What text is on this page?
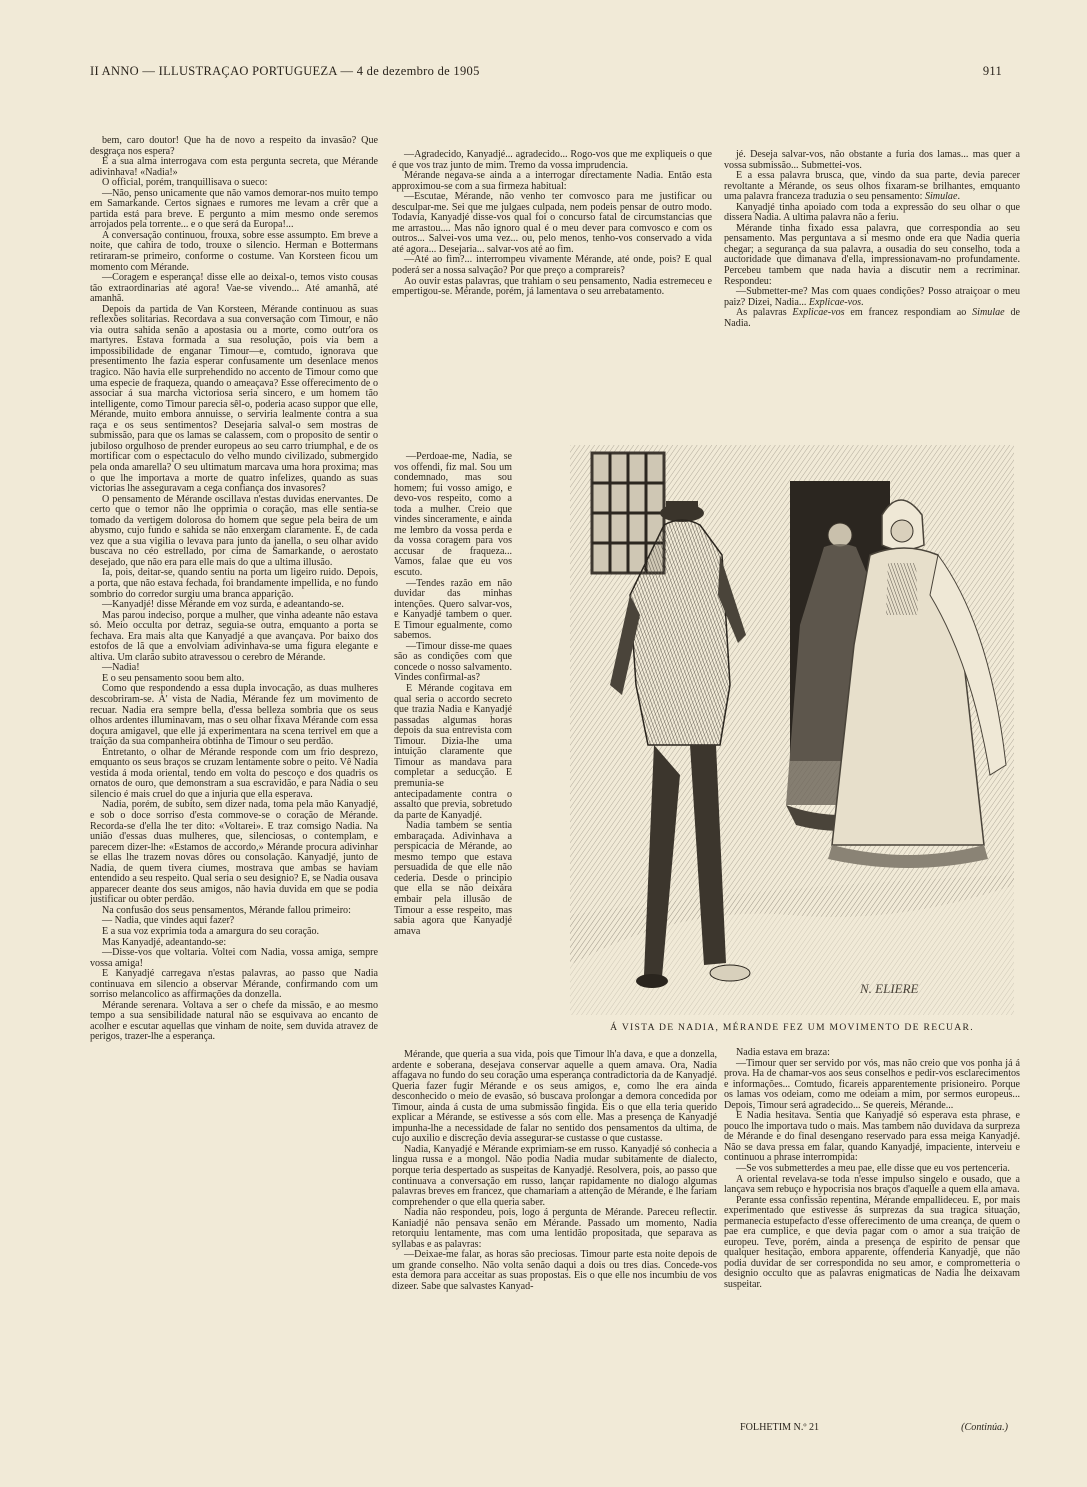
II ANNO — ILLUSTRAÇAO PORTUGUEZA — 4 de dezembro de 1905	911

bem, caro doutor! Que ha de novo a respeito da invasão? Que desgraça nos espera?

E a sua alma interrogava com esta pergunta secreta, que Mérande adivinhava! «Nadia!»

O official, porém, tranquillisava o sueco:

—Não, penso unicamente que não vamos demorar-nos muito tempo em Samarkande. Certos signaes e rumores me levam a crêr que a partida está para breve. E pergunto a mim mesmo onde seremos arrojados pela torrente... e o que será da Europa!...

A conversação continuou, frouxa, sobre esse assumpto. Em breve a noite, que cahira de todo, trouxe o silencio. Herman e Bottermans retiraram-se primeiro, conforme o costume. Van Korsteen ficou um momento com Mérande.

—Coragem e esperança! disse elle ao deixal-o, temos visto cousas tão extraordinarias até agora! Vae-se vivendo... Até amanhã, até amanhã.

Depois da partida de Van Korsteen, Mérande continuou as suas reflexões solitarias. Recordava a sua conversação com Timour, e não via outra sahida senão a apostasia ou a morte, como outr'ora os martyres. Estava formada a sua resolução, pois via bem a impossibilidade de enganar Timour—e, comtudo, ignorava que presentimento lhe fazia esperar confusamente um desenlace menos tragico. Não havia elle surprehendido no accento de Timour como que uma especie de fraqueza, quando o ameaçava? Esse offerecimento de o associar á sua marcha victoriosa seria sincero, e um homem tão intelligente, como Timour parecia sêl-o, poderia acaso suppor que elle, Mérande, muito embora annuisse, o serviria lealmente contra a sua raça e os seus sentimentos? Desejaria salval-o sem mostras de submissão, para que os lamas se calassem, com o proposito de sentir o jubiloso orgulhoso de prender europeus ao seu carro triumphal, e de os mortificar com o espectaculo do velho mundo civilizado, submergido pela onda amarella? O seu ultimatum marcava uma hora proxima; mas o que lhe importava a morte de quatro infelizes, quando as suas victorias lhe asseguravam a cega confiança dos invasores?

O pensamento de Mérande oscillava n'estas duvidas enervantes. De certo que o temor não lhe opprimia o coração, mas elle sentia-se tomado da vertigem dolorosa do homem que segue pela beira de um abysmo, cujo fundo e sahida se não enxergam claramente. E, de cada vez que a sua vigilia o levava para junto da janella, o seu olhar avido buscava no céo estrellado, por cima de Samarkande, o aerostato desejado, que não era para elle mais do que a ultima illusão.

Ia, pois, deitar-se, quando sentiu na porta um ligeiro ruido. Depois, a porta, que não estava fechada, foi brandamente impellida, e no fundo sombrio do corredor surgiu uma branca apparição.

—Kanyadjé! disse Mérande em voz surda, e adeantando-se.

Mas parou indeciso, porque a mulher, que vinha adeante não estava só. Meio occulta por detraz, seguia-se outra, emquanto a porta se fechava. Era mais alta que Kanyadjé a que avançava. Por baixo dos estofos de lã que a envolviam adivinhava-se uma figura elegante e altiva. Um clarão subito atravessou o cerebro de Mérande.

—Nadia!

E o seu pensamento soou bem alto.

Como que respondendo a essa dupla invocação, as duas mulheres descobriram-se. A' vista de Nadia, Mérande fez um movimento de recuar. Nadia era sempre bella, d'essa belleza sombria que os seus olhos ardentes illuminavam, mas o seu olhar fixava Mérande com essa doçura amigavel, que elle já experimentara na scena terrivel em que a traição da sua companheira obtinha de Timour o seu perdão.

Entretanto, o olhar de Mérande responde com um frio desprezo, emquanto os seus braços se cruzam lentamente sobre o peito. Vê Nadia vestida á moda oriental, tendo em volta do pescoço e dos quadris os ornatos de ouro, que demonstram a sua escravidão, e para Nadia o seu silencio é mais cruel do que a injuria que ella esperava.

Nadia, porém, de subito, sem dizer nada, toma pela mão Kanyadjé, e sob o doce sorriso d'esta commove-se o coração de Mérande. Recorda-se d'ella lhe ter dito: «Voltarei». E traz comsigo Nadia. Na união d'essas duas mulheres, que, silenciosas, o contemplam, e parecem dizer-lhe: «Estamos de accordo,» Mérande procura adivinhar se ellas lhe trazem novas dôres ou consolação. Kanyadjé, junto de Nadia, de quem tivera ciumes, mostrava que ambas se haviam entendido a seu respeito. Qual seria o seu designio? E, se Nadia ousava apparecer deante dos seus amigos, não havia duvida em que se podia justificar ou obter perdão.

Na confusão dos seus pensamentos, Mérande fallou primeiro:

— Nadia, que vindes aqui fazer?

E a sua voz exprimia toda a amargura do seu coração.

Mas Kanyadjé, adeantando-se:

—Disse-vos que voltaria. Voltei com Nadia, vossa amiga, sempre vossa amiga!

E Kanyadjé carregava n'estas palavras, ao passo que Nadia continuava em silencio a observar Mérande, confirmando com um sorriso melancolico as affirmações da donzella.

Mérande serenara. Voltava a ser o chefe da missão, e ao mesmo tempo a sua sensibilidade natural não se esquivava ao encanto de acolher e escutar aquellas que vinham de noite, sem duvida atravez de perigos, trazer-lhe a esperança.

—Agradecido, Kanyadjé... agradecido... Rogo-vos que me expliqueis o que é que vos traz junto de mim. Tremo da vossa imprudencia.

Mérande negava-se ainda a a interrogar directamente Nadia. Então esta approximou-se com a sua firmeza habitual:

—Escutae, Mérande, não venho ter comvosco para me justificar ou desculpar-me. Sei que me julgaes culpada, nem podeis pensar de outro modo. Todavia, Kanyadjé disse-vos qual foi o concurso fatal de circumstancias que me arrastou.... Mas não ignoro qual é o meu dever para comvosco e com os outros... Salvei-vos uma vez... ou, pelo menos, tenho-vos conservado a vida até agora... Desejaria... salvar-vos até ao fim.

—Até ao fim?... interrompeu vivamente Mérande, até onde, pois? E qual poderá ser a nossa salvação? Por que preço a comprareis?

Ao ouvir estas palavras, que trahiam o seu pensamento, Nadia estremeceu e empertigou-se. Mérande, porém, já lamentava o seu arrebatamento.

jé. Deseja salvar-vos, não obstante a furia dos lamas... mas quer a vossa submissão... Submettei-vos.

E a essa palavra brusca, que, vindo da sua parte, devia parecer revoltante a Mérande, os seus olhos fixaram-se brilhantes, emquanto uma palavra franceza traduzia o seu pensamento: Simulae.

Kanyadjé tinha apoiado com toda a expressão do seu olhar o que dissera Nadia. A ultima palavra não a feriu.

Mérande tinha fixado essa palavra, que correspondia ao seu pensamento. Mas perguntava a si mesmo onde era que Nadia queria chegar; a segurança da sua palavra, a ousadia do seu conselho, toda a auctoridade que dimanava d'ella, impressionavam-no profundamente. Percebeu tambem que nada havia a discutir nem a recriminar. Respondeu:

—Submetter-me? Mas com quaes condições? Posso atraiçoar o meu paiz? Dizei, Nadia... Explicae-vos.

As palavras Explicae-vos em francez respondiam ao Simulae de Nadia.

—Perdoae-me, Nadia, se vos offendi, fiz mal. Sou um condemnado, mas sou homem; fui vosso amigo, e devo-vos respeito, como a toda a mulher. Creio que vindes sinceramente, e ainda me lembro da vossa perda e da vossa coragem para vos accusar de fraqueza... Vamos, falae que eu vos escuto.

—Tendes razão em não duvidar das minhas intenções. Quero salvar-vos, e Kanyadjé tambem o quer. E Timour egualmente, como sabemos.

—Timour disse-me quaes são as condições com que concede o nosso salvamento. Vindes confirmal-as?

E Mérande cogitava em qual seria o accordo secreto que trazia Nadia e Kanyadjé passadas algumas horas depois da sua entrevista com Timour. Dizia-lhe uma intuição claramente que Timour as mandava para completar a seducção. E premunia-se antecipadamente contra o assalto que previa, sobretudo da parte de Kanyadjé.

Nadia tambem se sentia embaraçada. Adivinhava a perspicacia de Mérande, ao mesmo tempo que estava persuadida de que elle não cederia. Desde o principio que ella se não deixára embair pela illusão de Timour a esse respeito, mas sabia agora que Kanyadjé amava

N. ELIERE
Á VISTA DE NADIA, MÉRANDE FEZ UM MOVIMENTO DE RECUAR.

Mérande, que queria a sua vida, pois que Timour lh'a dava, e que a donzella, ardente e soberana, desejava conservar aquelle a quem amava. Ora, Nadia affagava no fundo do seu coração uma esperança contradictoria da de Kanyadjé. Queria fazer fugir Mérande e os seus amigos, e, como lhe era ainda desconhecido o meio de evasão, só buscava prolongar a demora concedida por Timour, ainda á custa de uma submissão fingida. Eis o que ella teria querido explicar a Mérande, se estivesse a sós com elle. Mas a presença de Kanyadjé impunha-lhe a necessidade de falar no sentido dos pensamentos da ultima, de cujo auxilio e discreção devia assegurar-se custasse o que custasse.

Nadia, Kanyadjé e Mérande exprimiam-se em russo. Kanyadjé só conhecia a lingua russa e a mongol. Não podia Nadia mudar subitamente de dialecto, porque teria despertado as suspeitas de Kanyadjé. Resolvera, pois, ao passo que continuava a conversação em russo, lançar rapidamente no dialogo algumas palavras breves em francez, que chamariam a attenção de Mérande, e lhe fariam comprehender o que ella queria saber.

Nadia não respondeu, pois, logo á pergunta de Mérande. Pareceu reflectir. Kaniadjé não pensava senão em Mérande. Passado um momento, Nadia retorquiu lentamente, mas com uma lentidão propositada, que separava as syllabas e as palavras:

—Deixae-me falar, as horas são preciosas. Timour parte esta noite depois de um grande conselho. Não volta senão daqui a dois ou tres dias. Concede-vos esta demora para acceitar as suas propostas. Eis o que elle nos incumbiu de vos dizeer. Sabe que salvastes Kanyad-

Nadia estava em braza:

—Timour quer ser servido por vós, mas não creio que vos ponha já á prova. Ha de chamar-vos aos seus conselhos e pedir-vos esclarecimentos e informações... Comtudo, ficareis apparentemente prisioneiro. Porque os lamas vos odeiam, como me odeiam a mim, por sermos europeus... Depois, Timour será agradecido... Se quereis, Mérande...

E Nadia hesitava. Sentia que Kanyadjé só esperava esta phrase, e pouco lhe importava tudo o mais. Mas tambem não duvidava da surpreza de Mérande e do final desengano reservado para essa meiga Kanyadjé. Não se dava pressa em falar, quando Kanyadjé, impaciente, interveiu e continuou a phrase interrompida:

—Se vos submetterdes a meu pae, elle disse que eu vos pertenceria.

A oriental revelava-se toda n'esse impulso singelo e ousado, que a lançava sem rebuço e hypocrisia nos braços d'aquelle a quem ella amava.

Perante essa confissão repentina, Mérande empallideceu. E, por mais experimentado que estivesse ás surprezas da sua tragica situação, permanecia estupefacto d'esse offerecimento de uma creança, de quem o pae era cumplice, e que devia pagar com o amor a sua traição de europeu. Teve, porém, ainda a presença de espirito de pensar que qualquer hesitação, embora apparente, offenderia Kanyadjé, que não podia duvidar de ser correspondida no seu amor, e comprometteria o designio occulto que as palavras enigmaticas de Nadia lhe deixavam suspeitar.

FOLHETIM N.º 21	(Continúa.)
